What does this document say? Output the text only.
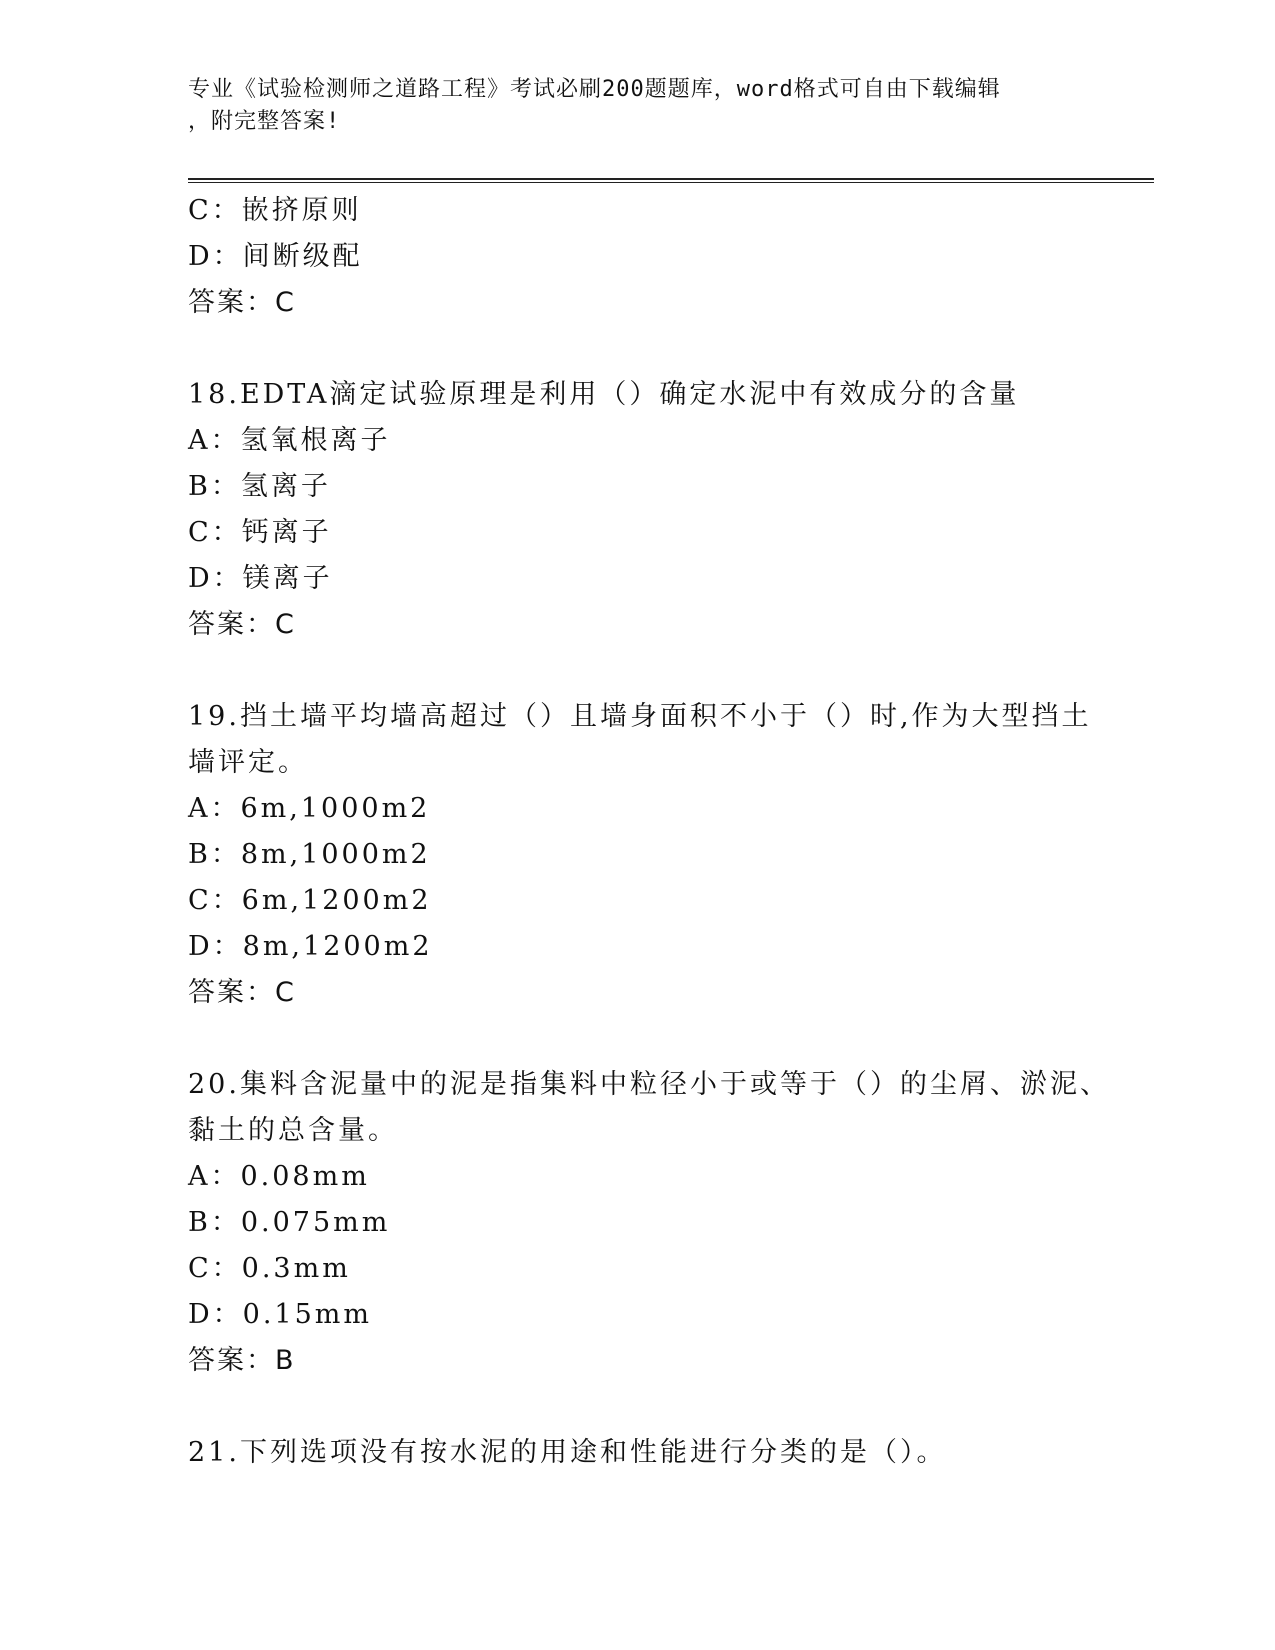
专业《试验检测师之道路工程》考试必刷200题题库，word格式可自由下载编辑
，附完整答案!
C：嵌挤原则
D：间断级配
答案：C
18.EDTA滴定试验原理是利用（）确定水泥中有效成分的含量
A：氢氧根离子
B：氢离子
C：钙离子
D：镁离子
答案：C
19.挡土墙平均墙高超过（）且墙身面积不小于（）时,作为大型挡土
墙评定。
A：6m,1000m2
B：8m,1000m2
C：6m,1200m2
D：8m,1200m2
答案：C
20.集料含泥量中的泥是指集料中粒径小于或等于（）的尘屑、淤泥、
黏土的总含量。
A：0.08mm
B：0.075mm
C：0.3mm
D：0.15mm
答案：B
21.下列选项没有按水泥的用途和性能进行分类的是（）。
